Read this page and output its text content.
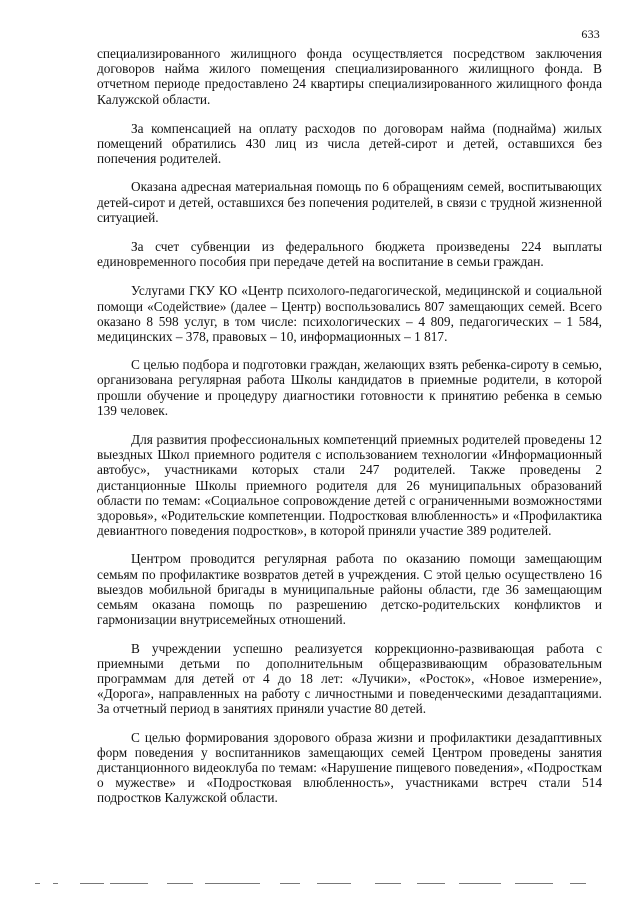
633

специализированного жилищного фонда осуществляется посредством заключения договоров найма жилого помещения специализированного жилищного фонда. В отчетном периоде предоставлено 24 квартиры специализированного жилищного фонда Калужской области.

За компенсацией на оплату расходов по договорам найма (поднайма) жилых помещений обратились 430 лиц из числа детей-сирот и детей, оставшихся без попечения родителей.

Оказана адресная материальная помощь по 6 обращениям семей, воспитывающих детей-сирот и детей, оставшихся без попечения родителей, в связи с трудной жизненной ситуацией.

За счет субвенции из федерального бюджета произведены 224 выплаты единовременного пособия при передаче детей на воспитание в семьи граждан.

Услугами ГКУ КО «Центр психолого-педагогической, медицинской и социальной помощи «Содействие» (далее – Центр) воспользовались 807 замещающих семей. Всего оказано 8 598 услуг, в том числе: психологических – 4 809, педагогических – 1 584, медицинских – 378, правовых – 10, информационных – 1 817.

С целью подбора и подготовки граждан, желающих взять ребенка-сироту в семью, организована регулярная работа Школы кандидатов в приемные родители, в которой прошли обучение и процедуру диагностики готовности к принятию ребенка в семью 139 человек.

Для развития профессиональных компетенций приемных родителей проведены 12 выездных Школ приемного родителя с использованием технологии «Информационный автобус», участниками которых стали 247 родителей. Также проведены 2 дистанционные Школы приемного родителя для 26 муниципальных образований области по темам: «Социальное сопровождение детей с ограниченными возможностями здоровья», «Родительские компетенции. Подростковая влюбленность» и «Профилактика девиантного поведения подростков», в которой приняли участие 389 родителей.

Центром проводится регулярная работа по оказанию помощи замещающим семьям по профилактике возвратов детей в учреждения. С этой целью осуществлено 16 выездов мобильной бригады в муниципальные районы области, где 36 замещающим семьям оказана помощь по разрешению детско-родительских конфликтов и гармонизации внутрисемейных отношений.

В учреждении успешно реализуется коррекционно-развивающая работа с приемными детьми по дополнительным общеразвивающим образовательным программам для детей от 4 до 18 лет: «Лучики», «Росток», «Новое измерение», «Дорога», направленных на работу с личностными и поведенческими дезадаптациями. За отчетный период в занятиях приняли участие 80 детей.

С целью формирования здорового образа жизни и профилактики дезадаптивных форм поведения у воспитанников замещающих семей Центром проведены занятия дистанционного видеоклуба по темам: «Нарушение пищевого поведения», «Подросткам о мужестве» и «Подростковая влюбленность», участниками встреч стали 514 подростков Калужской области.
